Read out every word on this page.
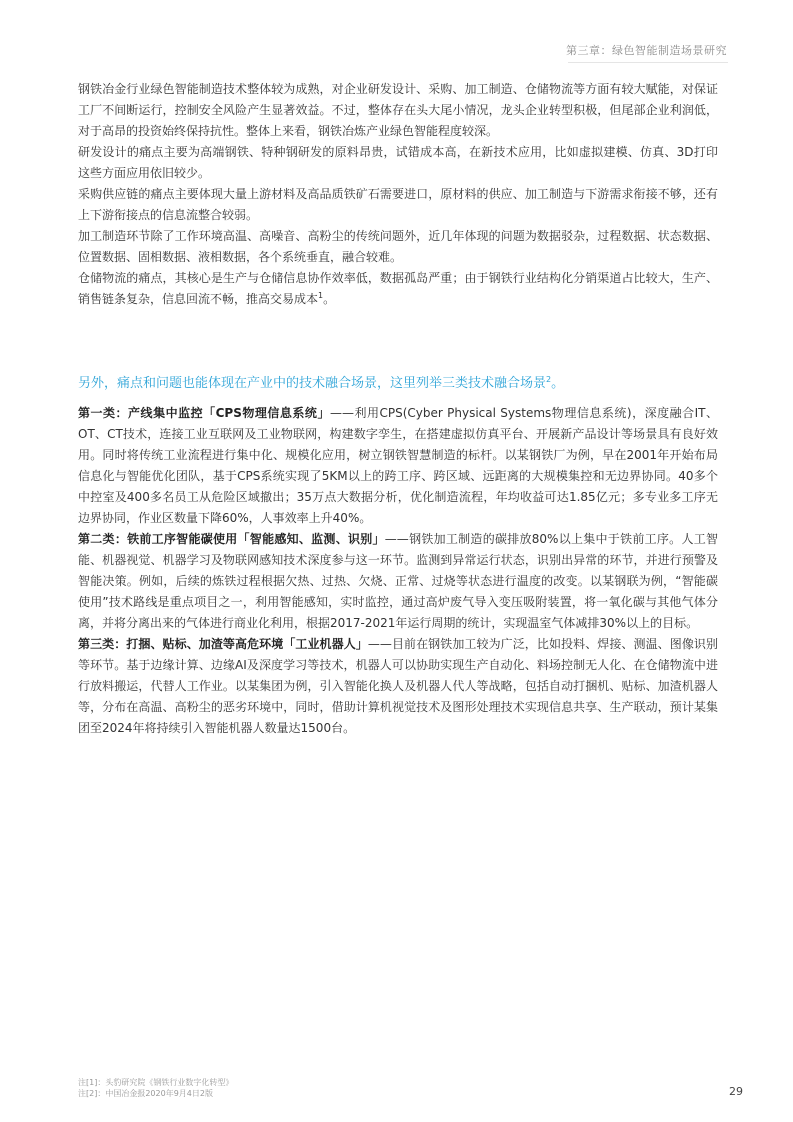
第三章：绿色智能制造场景研究

钢铁冶金行业绿色智能制造技术整体较为成熟，对企业研发设计、采购、加工制造、仓储物流等方面有较大赋能，对保证工厂不间断运行，控制安全风险产生显著效益。不过，整体存在头大尾小情况，龙头企业转型积极，但尾部企业利润低，对于高昂的投资始终保持抗性。整体上来看，钢铁冶炼产业绿色智能程度较深。

研发设计的痛点主要为高端钢铁、特种钢研发的原料昂贵，试错成本高，在新技术应用，比如虚拟建模、仿真、3D打印这些方面应用依旧较少。

采购供应链的痛点主要体现大量上游材料及高品质铁矿石需要进口，原材料的供应、加工制造与下游需求衔接不够，还有上下游衔接点的信息流整合较弱。

加工制造环节除了工作环境高温、高噪音、高粉尘的传统问题外，近几年体现的问题为数据驳杂，过程数据、状态数据、位置数据、固相数据、液相数据，各个系统垂直，融合较难。

仓储物流的痛点，其核心是生产与仓储信息协作效率低，数据孤岛严重；由于钢铁行业结构化分销渠道占比较大，生产、销售链条复杂，信息回流不畅，推高交易成本$^1$。

另外，痛点和问题也能体现在产业中的技术融合场景，这里列举三类技术融合场景$^2$。

第一类：产线集中监控「CPS物理信息系统」——利用CPS(Cyber Physical Systems物理信息系统)，深度融合IT、OT、CT技术，连接工业互联网及工业物联网，构建数字孪生，在搭建虚拟仿真平台、开展新产品设计等场景具有良好效用。同时将传统工业流程进行集中化、规模化应用，树立钢铁智慧制造的标杆。以某钢铁厂为例，早在2001年开始布局信息化与智能优化团队，基于CPS系统实现了5KM以上的跨工序、跨区域、远距离的大规模集控和无边界协同。40多个中控室及400多名员工从危险区域撤出；35万点大数据分析，优化制造流程，年均收益可达1.85亿元；多专业多工序无边界协同，作业区数量下降60%，人事效率上升40%。

第二类：铁前工序智能碳使用「智能感知、监测、识别」——钢铁加工制造的碳排放80%以上集中于铁前工序。人工智能、机器视觉、机器学习及物联网感知技术深度参与这一环节。监测到异常运行状态，识别出异常的环节，并进行预警及智能决策。例如，后续的炼铁过程根据欠热、过热、欠烧、正常、过烧等状态进行温度的改变。以某钢联为例，“智能碳使用”技术路线是重点项目之一，利用智能感知，实时监控，通过高炉废气导入变压吸附装置，将一氧化碳与其他气体分离，并将分离出来的气体进行商业化利用，根据2017-2021年运行周期的统计，实现温室气体减排30%以上的目标。

第三类：打捆、贴标、加渣等高危环境「工业机器人」——目前在钢铁加工较为广泛，比如投料、焊接、测温、图像识别等环节。基于边缘计算、边缘AI及深度学习等技术，机器人可以协助实现生产自动化、料场控制无人化、在仓储物流中进行放料搬运，代替人工作业。以某集团为例，引入智能化换人及机器人代人等战略，包括自动打捆机、贴标、加渣机器人等，分布在高温、高粉尘的恶劣环境中，同时，借助计算机视觉技术及图形处理技术实现信息共享、生产联动，预计某集团至2024年将持续引入智能机器人数量达1500台。

注[1]：头豹研究院《钢铁行业数字化转型》

注[2]：中国冶金报2020年9月4日2版	29
